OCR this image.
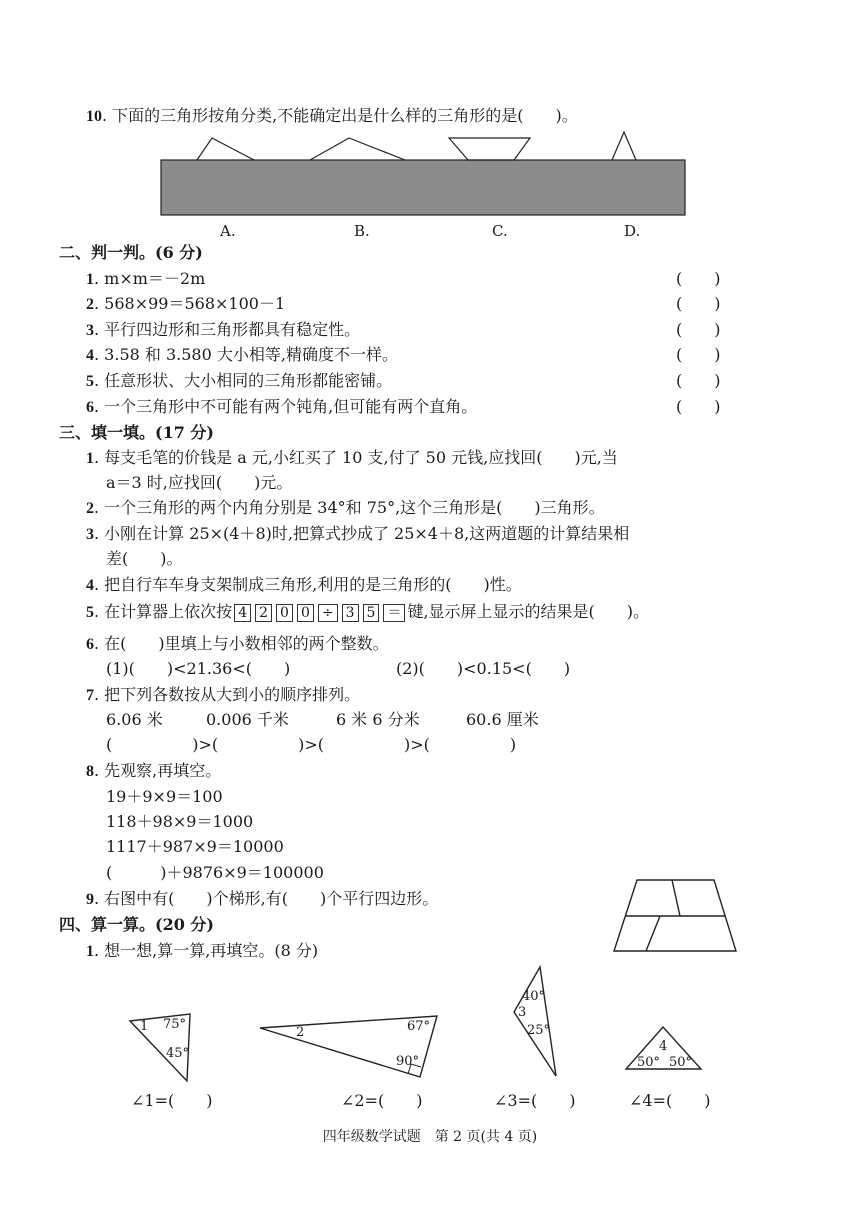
10. 下面的三角形按角分类,不能确定出是什么样的三角形的是(　　)。
A.	B.	C.	D.
二、判一判。(6 分)
1. m×m＝－2m	(　　)
2. 568×99＝568×100－1	(　　)
3. 平行四边形和三角形都具有稳定性。	(　　)
4. 3.58 和 3.580 大小相等,精确度不一样。	(　　)
5. 任意形状、大小相同的三角形都能密铺。	(　　)
6. 一个三角形中不可能有两个钝角,但可能有两个直角。	(　　)
三、填一填。(17 分)
1. 每支毛笔的价钱是 a 元,小红买了 10 支,付了 50 元钱,应找回(　　)元,当
a＝3 时,应找回(　　)元。
2. 一个三角形的两个内角分别是 34°和 75°,这个三角形是(　　)三角形。
3. 小刚在计算 25×(4＋8)时,把算式抄成了 25×4＋8,这两道题的计算结果相
差(　　)。
4. 把自行车车身支架制成三角形,利用的是三角形的(　　)性。
5. 在计算器上依次按 4 2 0 0 ÷ 3 5 ＝ 键,显示屏上显示的结果是(　　)。
6. 在(　　)里填上与小数相邻的两个整数。
(1)(　　)<21.36<(　　)	(2)(　　)<0.15<(　　)
7. 把下列各数按从大到小的顺序排列。
6.06 米	0.006 千米	6 米 6 分米	60.6 厘米
(　　　　　)>(　　　　　)>(　　　　　)>(　　　　　)
8. 先观察,再填空。
19＋9×9＝100
118＋98×9＝1000
1117＋987×9＝10000
(　　　)＋9876×9＝100000
9. 右图中有(　　)个梯形,有(　　)个平行四边形。
四、算一算。(20 分)
1. 想一想,算一算,再填空。(8 分)
1 75°
45°
2	67°
90°
40°
3
25°
4
50° 50°
∠1=(　　)	∠2=(　　)	∠3=(　　)	∠4=(　　)
四年级数学试题　第 2 页(共 4 页)
